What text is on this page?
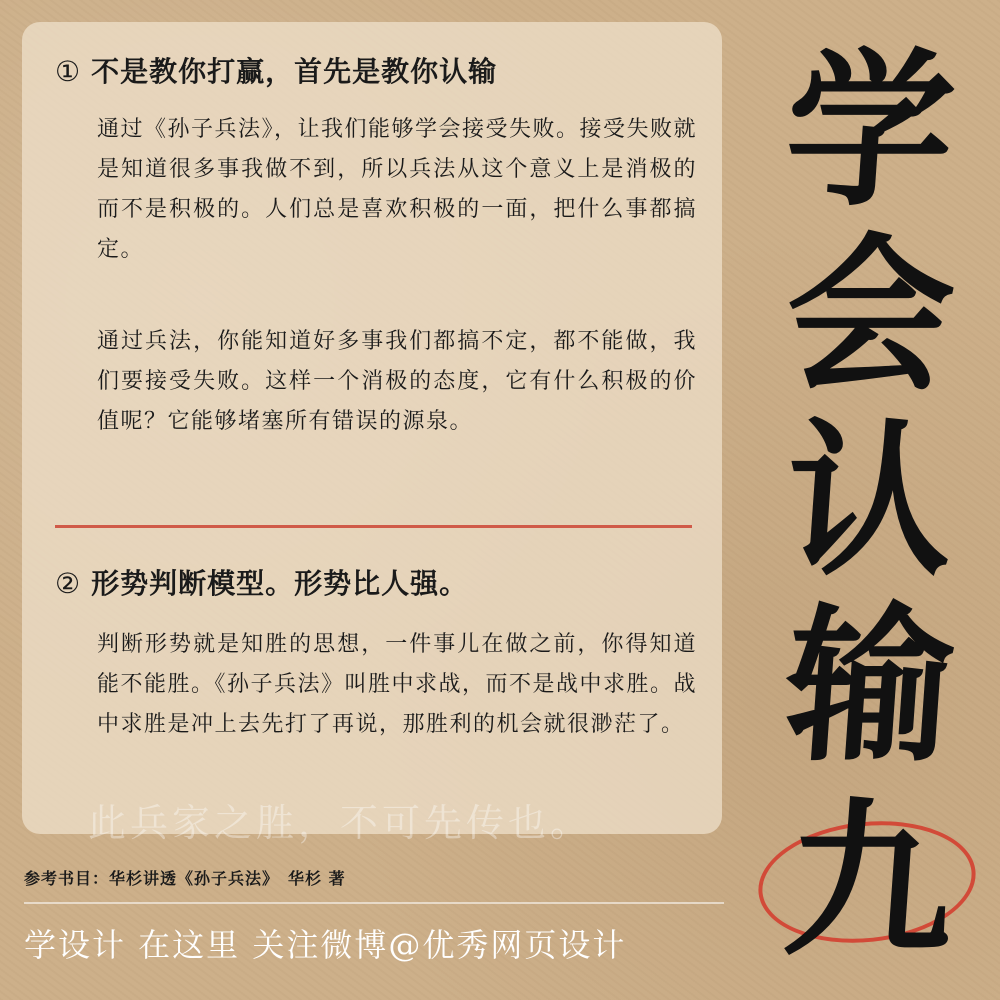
① 不是教你打赢，首先是教你认输
通过《孙子兵法》，让我们能够学会接受失败。接受失败就是知道很多事我做不到，所以兵法从这个意义上是消极的而不是积极的。人们总是喜欢积极的一面，把什么事都搞定。
通过兵法，你能知道好多事我们都搞不定，都不能做，我们要接受失败。这样一个消极的态度，它有什么积极的价值呢？它能够堵塞所有错误的源泉。
② 形势判断模型。形势比人强。
判断形势就是知胜的思想，一件事儿在做之前，你得知道能不能胜。《孙子兵法》叫胜中求战，而不是战中求胜。战中求胜是冲上去先打了再说，那胜利的机会就很渺茫了。
此兵家之胜，不可先传也。
参考书目：华杉讲透《孙子兵法》　华杉 著
学设计 在这里 关注微博@优秀网页设计
学
会
认
输
九
